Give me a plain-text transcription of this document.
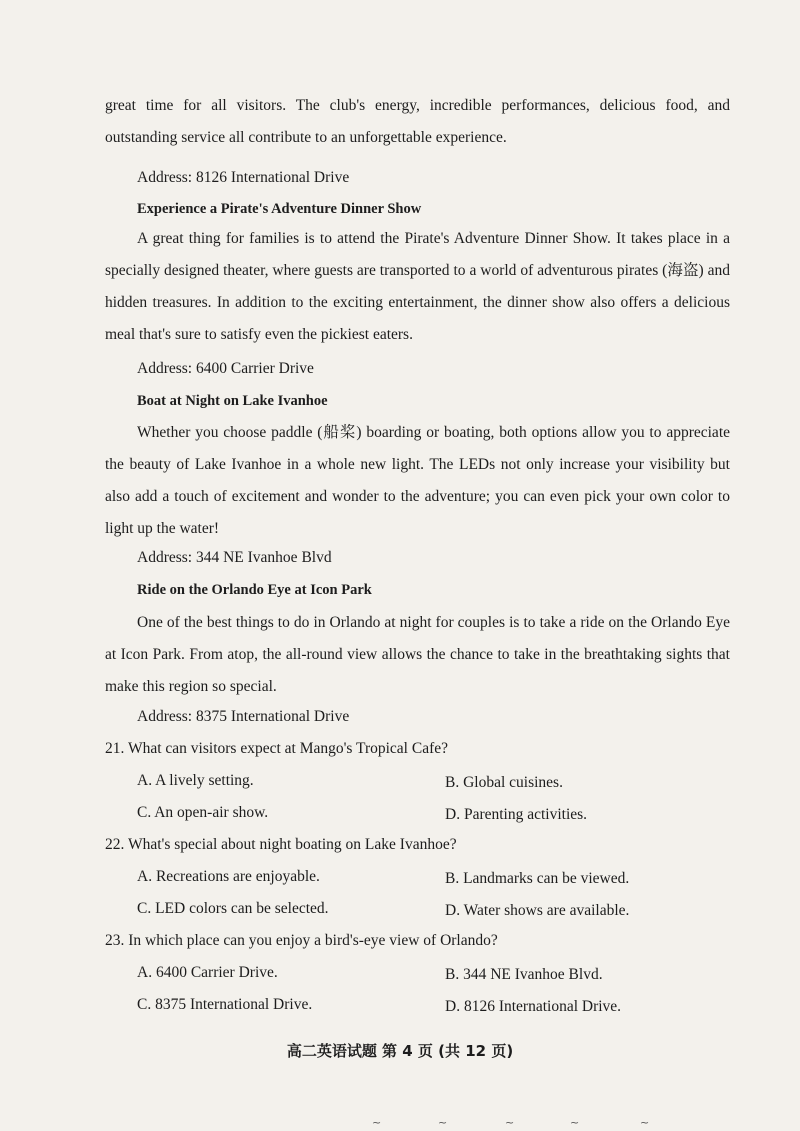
great time for all visitors. The club's energy, incredible performances, delicious food, and outstanding service all contribute to an unforgettable experience.
Address: 8126 International Drive
Experience a Pirate's Adventure Dinner Show
A great thing for families is to attend the Pirate's Adventure Dinner Show. It takes place in a specially designed theater, where guests are transported to a world of adventurous pirates (海盗) and hidden treasures. In addition to the exciting entertainment, the dinner show also offers a delicious meal that's sure to satisfy even the pickiest eaters.
Address: 6400 Carrier Drive
Boat at Night on Lake Ivanhoe
Whether you choose paddle (船桨) boarding or boating, both options allow you to appreciate the beauty of Lake Ivanhoe in a whole new light. The LEDs not only increase your visibility but also add a touch of excitement and wonder to the adventure; you can even pick your own color to light up the water!
Address: 344 NE Ivanhoe Blvd
Ride on the Orlando Eye at Icon Park
One of the best things to do in Orlando at night for couples is to take a ride on the Orlando Eye at Icon Park. From atop, the all-round view allows the chance to take in the breathtaking sights that make this region so special.
Address: 8375 International Drive
21. What can visitors expect at Mango's Tropical Cafe?
A. A lively setting.	B. Global cuisines.
C. An open-air show.	D. Parenting activities.
22. What's special about night boating on Lake Ivanhoe?
A. Recreations are enjoyable.	B. Landmarks can be viewed.
C. LED colors can be selected.	D. Water shows are available.
23. In which place can you enjoy a bird's-eye view of Orlando?
A. 6400 Carrier Drive.	B. 344 NE Ivanhoe Blvd.
C. 8375 International Drive.	D. 8126 International Drive.
高二英语试题 第 4 页 (共 12 页)
~	~	~	~	~
